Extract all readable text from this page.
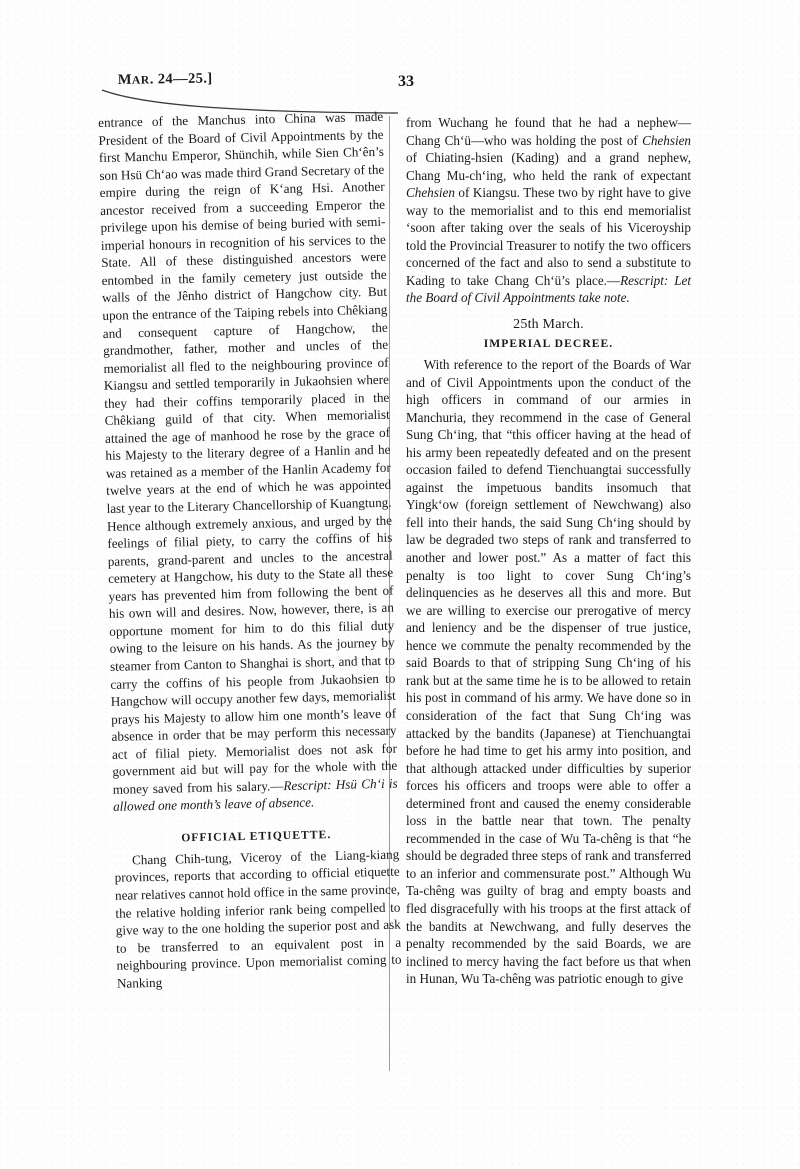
MAR. 24—25.]	33

entrance of the Manchus into China was made President of the Board of Civil Appointments by the first Manchu Emperor, Shünchih, while Sien Ch‘ên’s son Hsü Ch‘ao was made third Grand Secretary of the empire during the reign of K‘ang Hsi. Another ancestor received from a succeeding Emperor the privilege upon his demise of being buried with semi-imperial honours in recognition of his services to the State. All of these distinguished ancestors were entombed in the family cemetery just outside the walls of the Jênho district of Hangchow city. But upon the entrance of the Taiping rebels into Chêkiang and consequent capture of Hangchow, the grandmother, father, mother and uncles of the memorialist all fled to the neighbouring province of Kiangsu and settled temporarily in Jukaohsien where they had their coffins temporarily placed in the Chêkiang guild of that city. When memorialist attained the age of manhood he rose by the grace of his Majesty to the literary degree of a Hanlin and he was retained as a member of the Hanlin Academy for twelve years at the end of which he was appointed last year to the Literary Chancellorship of Kuangtung. Hence although extremely anxious, and urged by the feelings of filial piety, to carry the coffins of his parents, grand-parent and uncles to the ancestral cemetery at Hangchow, his duty to the State all these years has prevented him from following the bent of his own will and desires. Now, however, there, is an opportune moment for him to do this filial duty owing to the leisure on his hands. As the journey by steamer from Canton to Shanghai is short, and that to carry the coffins of his people from Jukaohsien to Hangchow will occupy another few days, memorialist prays his Majesty to allow him one month’s leave of absence in order that be may perform this necessary act of filial piety. Memorialist does not ask for government aid but will pay for the whole with the money saved from his salary.—Rescript: Hsü Ch‘i is allowed one month’s leave of absence.

OFFICIAL ETIQUETTE.

Chang Chih-tung, Viceroy of the Liang-kiang provinces, reports that according to official etiquette near relatives cannot hold office in the same province, the relative holding inferior rank being compelled to give way to the one holding the superior post and ask to be transferred to an equivalent post in a neighbouring province. Upon memorialist coming to Nanking

from Wuchang he found that he had a nephew—Chang Ch‘ü—who was holding the post of Chehsien of Chiating-hsien (Kading) and a grand nephew, Chang Mu-ch‘ing, who held the rank of expectant Chehsien of Kiangsu. These two by right have to give way to the memorialist and to this end memorialist ‘soon after taking over the seals of his Viceroyship told the Provincial Treasurer to notify the two officers concerned of the fact and also to send a substitute to Kading to take Chang Ch‘ü’s place.—Rescript: Let the Board of Civil Appointments take note.

25th March.
IMPERIAL DECREE.

With reference to the report of the Boards of War and of Civil Appointments upon the conduct of the high officers in command of our armies in Manchuria, they recommend in the case of General Sung Ch‘ing, that “this officer having at the head of his army been repeatedly defeated and on the present occasion failed to defend Tienchuangtai successfully against the impetuous bandits insomuch that Yingk‘ow (foreign settlement of Newchwang) also fell into their hands, the said Sung Ch‘ing should by law be degraded two steps of rank and transferred to another and lower post.” As a matter of fact this penalty is too light to cover Sung Ch‘ing’s delinquencies as he deserves all this and more. But we are willing to exercise our prerogative of mercy and leniency and be the dispenser of true justice, hence we commute the penalty recommended by the said Boards to that of stripping Sung Ch‘ing of his rank but at the same time he is to be allowed to retain his post in command of his army. We have done so in consideration of the fact that Sung Ch‘ing was attacked by the bandits (Japanese) at Tienchuangtai before he had time to get his army into position, and that although attacked under difficulties by superior forces his officers and troops were able to offer a determined front and caused the enemy considerable loss in the battle near that town. The penalty recommended in the case of Wu Ta-chêng is that “he should be degraded three steps of rank and transferred to an inferior and commensurate post.” Although Wu Ta-chêng was guilty of brag and empty boasts and fled disgracefully with his troops at the first attack of the bandits at Newchwang, and fully deserves the penalty recommended by the said Boards, we are inclined to mercy having the fact before us that when in Hunan, Wu Ta-chêng was patriotic enough to give
